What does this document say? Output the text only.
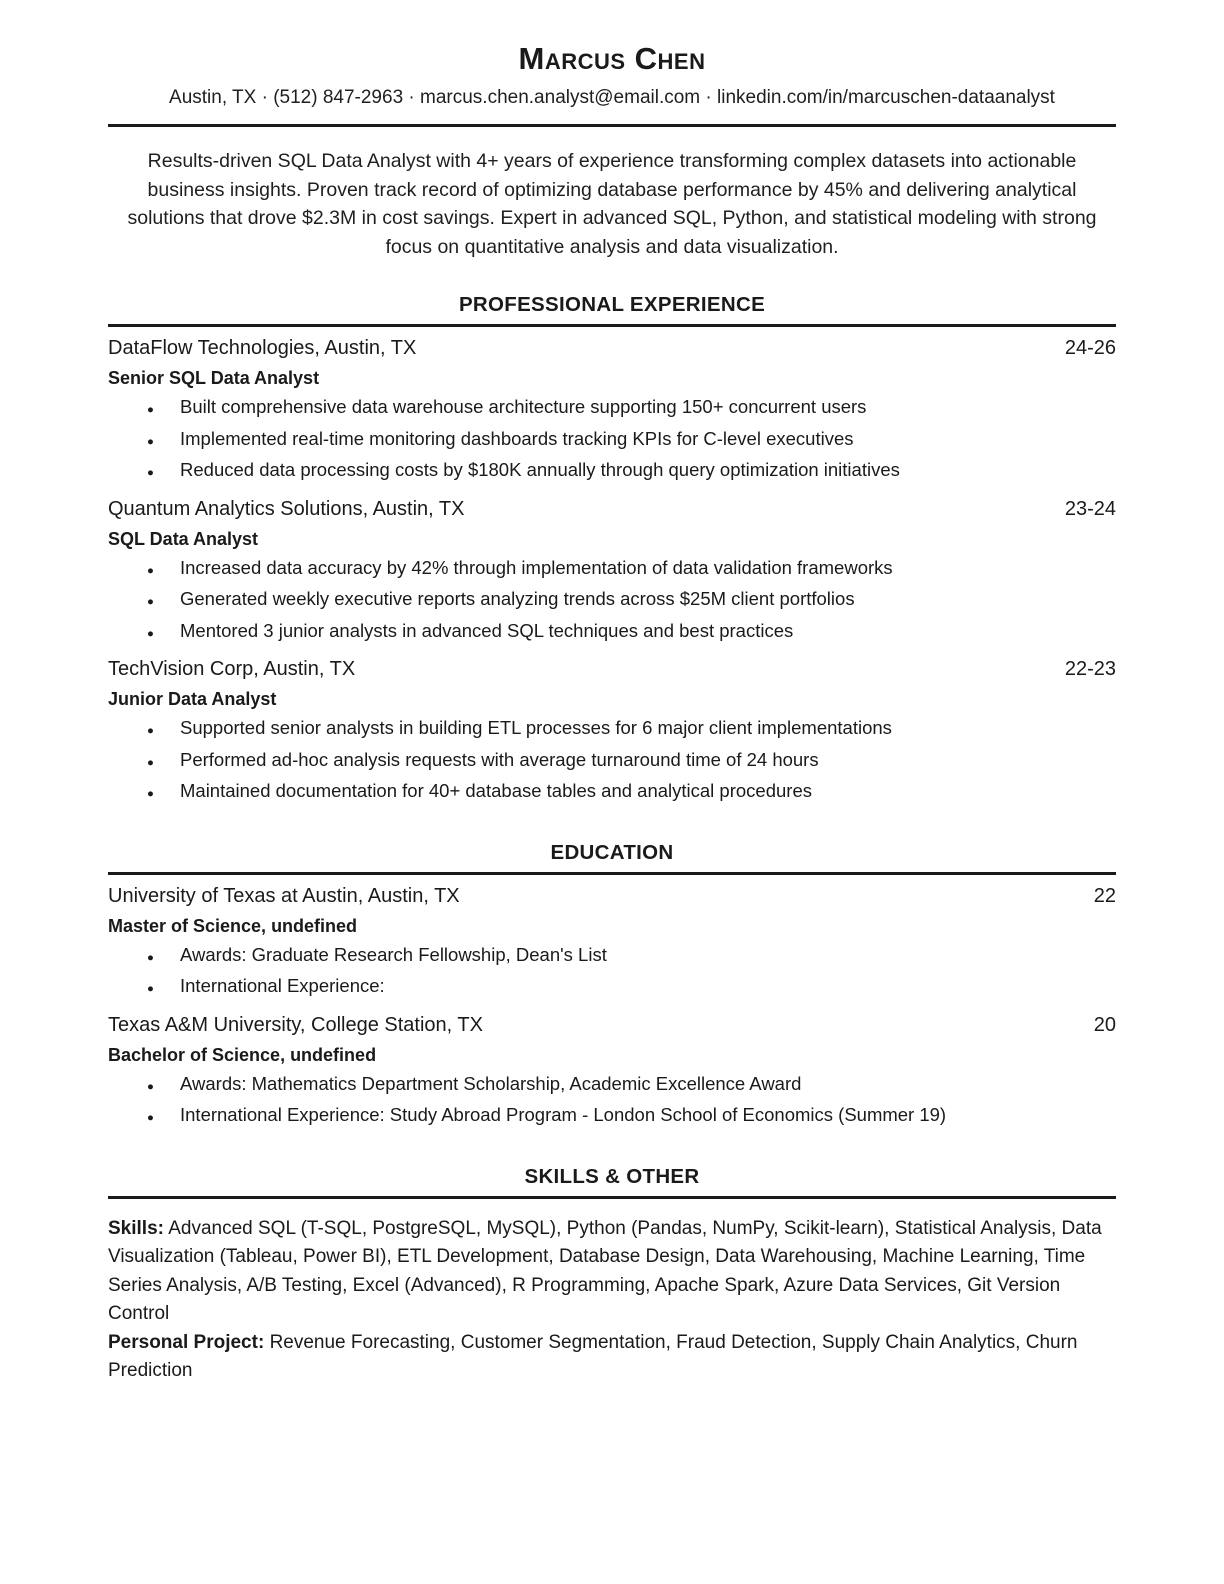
Marcus Chen
Austin, TX · (512) 847-2963 · marcus.chen.analyst@email.com · linkedin.com/in/marcuschen-dataanalyst

Results-driven SQL Data Analyst with 4+ years of experience transforming complex datasets into actionable business insights. Proven track record of optimizing database performance by 45% and delivering analytical solutions that drove $2.3M in cost savings. Expert in advanced SQL, Python, and statistical modeling with strong focus on quantitative analysis and data visualization.

PROFESSIONAL EXPERIENCE
DataFlow Technologies, Austin, TX	24-26
Senior SQL Data Analyst
●
Built comprehensive data warehouse architecture supporting 150+ concurrent users
●
Implemented real-time monitoring dashboards tracking KPIs for C-level executives
●
Reduced data processing costs by $180K annually through query optimization initiatives
Quantum Analytics Solutions, Austin, TX	23-24
SQL Data Analyst
●
Increased data accuracy by 42% through implementation of data validation frameworks
●
Generated weekly executive reports analyzing trends across $25M client portfolios
●
Mentored 3 junior analysts in advanced SQL techniques and best practices
TechVision Corp, Austin, TX	22-23
Junior Data Analyst
●
Supported senior analysts in building ETL processes for 6 major client implementations
●
Performed ad-hoc analysis requests with average turnaround time of 24 hours
●
Maintained documentation for 40+ database tables and analytical procedures
EDUCATION
University of Texas at Austin, Austin, TX	22
Master of Science, undefined
●
Awards: Graduate Research Fellowship, Dean's List
●
International Experience:
Texas A&M University, College Station, TX	20
Bachelor of Science, undefined
●
Awards: Mathematics Department Scholarship, Academic Excellence Award
●
International Experience: Study Abroad Program - London School of Economics (Summer 19)
SKILLS & OTHER

Skills: Advanced SQL (T-SQL, PostgreSQL, MySQL), Python (Pandas, NumPy, Scikit-learn), Statistical Analysis, Data Visualization (Tableau, Power BI), ETL Development, Database Design, Data Warehousing, Machine Learning, Time Series Analysis, A/B Testing, Excel (Advanced), R Programming, Apache Spark, Azure Data Services, Git Version Control

Personal Project: Revenue Forecasting, Customer Segmentation, Fraud Detection, Supply Chain Analytics, Churn Prediction
